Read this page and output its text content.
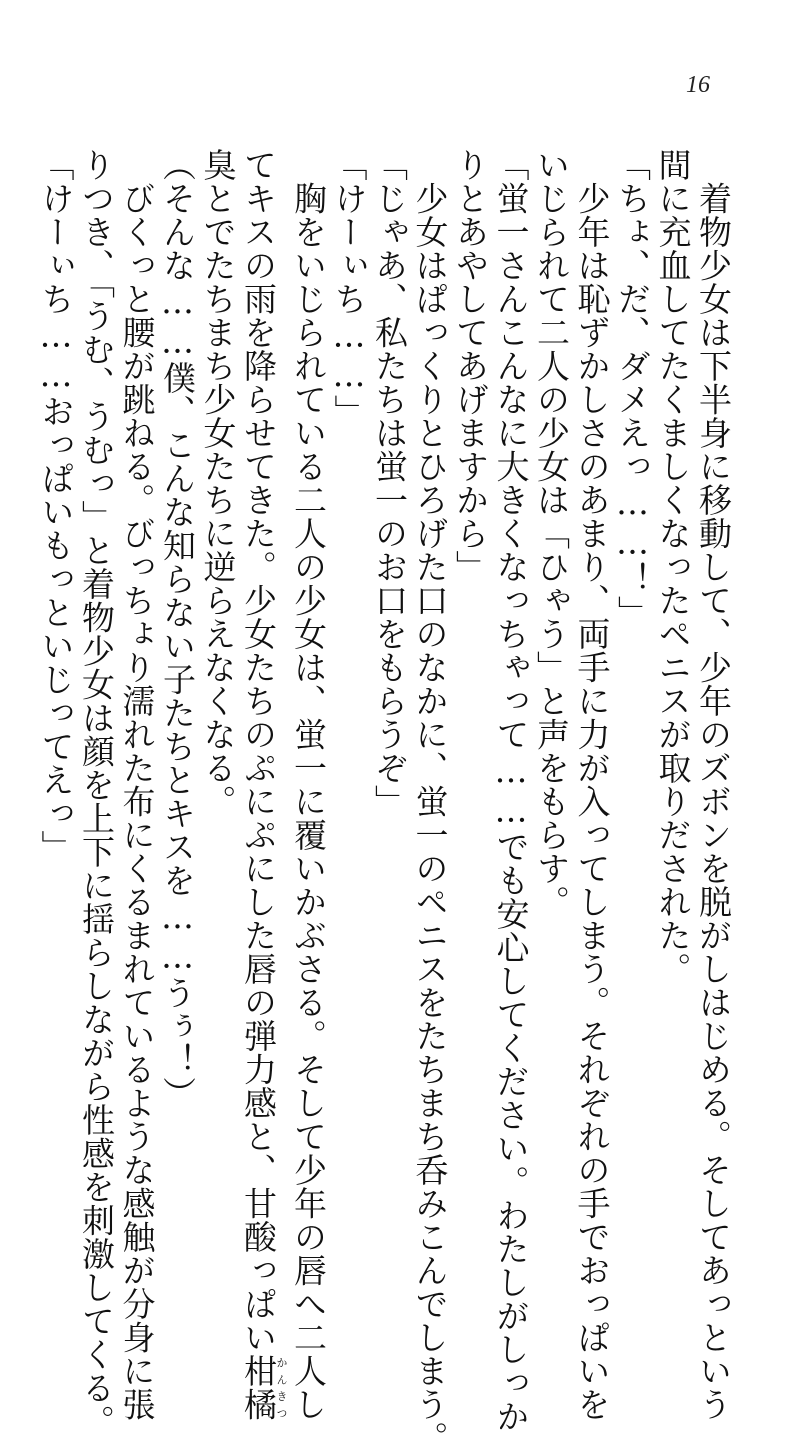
16

　着物少女は下半身に移動して、少年のズボンを脱がしはじめる。そしてあっという

間に充血してたくましくなったペニスが取りだされた。

「ちょ、だ、ダメえっ……！」

　少年は恥ずかしさのあまり、両手に力が入ってしまう。それぞれの手でおっぱいを

いじられて二人の少女は「ひゃう」と声をもらす。

「蛍一さんこんなに大きくなっちゃって……でも安心してください。わたしがしっか

りとあやしてあげますから」

　少女はぱっくりとひろげた口のなかに、蛍一のペニスをたちまち呑みこんでしまう。

「じゃあ、私たちは蛍一のお口をもらうぞ」

「けーぃち……」

　胸をいじられている二人の少女は、蛍一に覆いかぶさる。そして少年の唇へ二人し

てキスの雨を降らせてきた。少女たちのぷにぷにした唇の弾力感と、甘酸っぱい柑橘かんきつ

臭とでたちまち少女たちに逆らえなくなる。

（そんな……僕、こんな知らない子たちとキスを……うぅ！）

　びくっと腰が跳ねる。びっちょり濡れた布にくるまれているような感触が分身に張

りつき、「うむ、うむっ」と着物少女は顔を上下に揺らしながら性感を刺激してくる。

「けーぃち……おっぱいもっといじってえっ」
